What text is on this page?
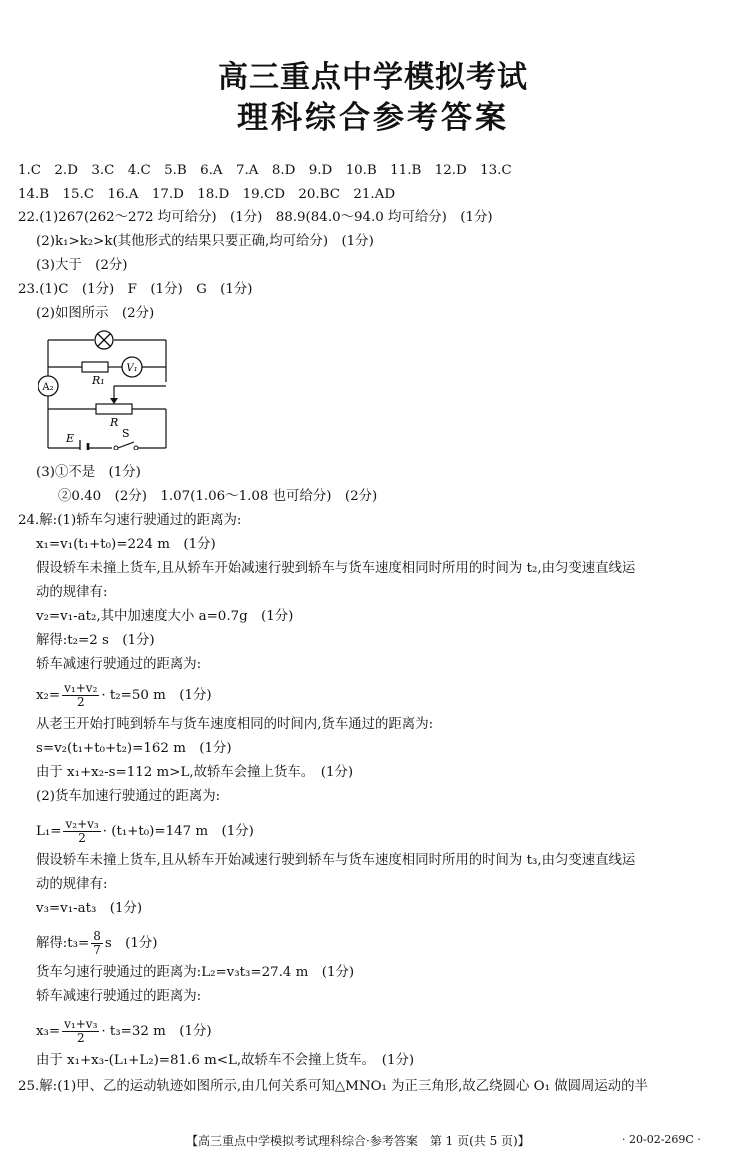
高三重点中学模拟考试
理科综合参考答案
1.C　2.D　3.C　4.C　5.B　6.A　7.A　8.D　9.D　10.B　11.B　12.D　13.C
14.B　15.C　16.A　17.D　18.D　19.CD　20.BC　21.AD
22.(1)267(262～272 均可给分)　(1分)　88.9(84.0～94.0 均可给分)　(1分)
(2)k₁>k₂>k(其他形式的结果只要正确,均可给分)　(1分)
(3)大于　(2分)
23.(1)C　(1分)　F　(1分)　G　(1分)
(2)如图所示　(2分)
V₁
A₂
R₁
R
E	S
(3)①不是　(1分)
②0.40　(2分)　1.07(1.06～1.08 也可给分)　(2分)
24.解:(1)轿车匀速行驶通过的距离为:
x₁=v₁(t₁+t₀)=224 m　(1分)
假设轿车未撞上货车,且从轿车开始减速行驶到轿车与货车速度相同时所用的时间为 t₂,由匀变速直线运
动的规律有:
v₂=v₁-at₂,其中加速度大小 a=0.7g　(1分)
解得:t₂=2 s　(1分)
轿车减速行驶通过的距离为:
$x_2= \frac{\text{v₁+v₂}}{2} \cdot t_2=50$ m　(1分)
从老王开始打盹到轿车与货车速度相同的时间内,货车通过的距离为:
s=v₂(t₁+t₀+t₂)=162 m　(1分)
由于 x₁+x₂-s=112 m>L,故轿车会撞上货车。　(1分)
(2)货车加速行驶通过的距离为:
$L_1= \frac{\text{v₂+v₃}}{2} \cdot (t_1+t_0)=147$ m　(1分)
假设轿车未撞上货车,且从轿车开始减速行驶到轿车与货车速度相同时所用的时间为 t₃,由匀变速直线运
动的规律有:
v₃=v₁-at₃　(1分)
解得:t₃= $\frac{8}{7}$ s　(1分)
货车匀速行驶通过的距离为:L₂=v₃t₃=27.4 m　(1分)
轿车减速行驶通过的距离为:
$x_3= \frac{\text{v₁+v₃}}{2} \cdot t_3=32$ m　(1分)
由于 x₁+x₃-(L₁+L₂)=81.6 m<L,故轿车不会撞上货车。　(1分)
25.解:(1)甲、乙的运动轨迹如图所示,由几何关系可知△MNO₁ 为正三角形,故乙绕圆心 O₁ 做圆周运动的半
【高三重点中学模拟考试理科综合·参考答案　第 1 页(共 5 页)】	· 20-02-269C ·
